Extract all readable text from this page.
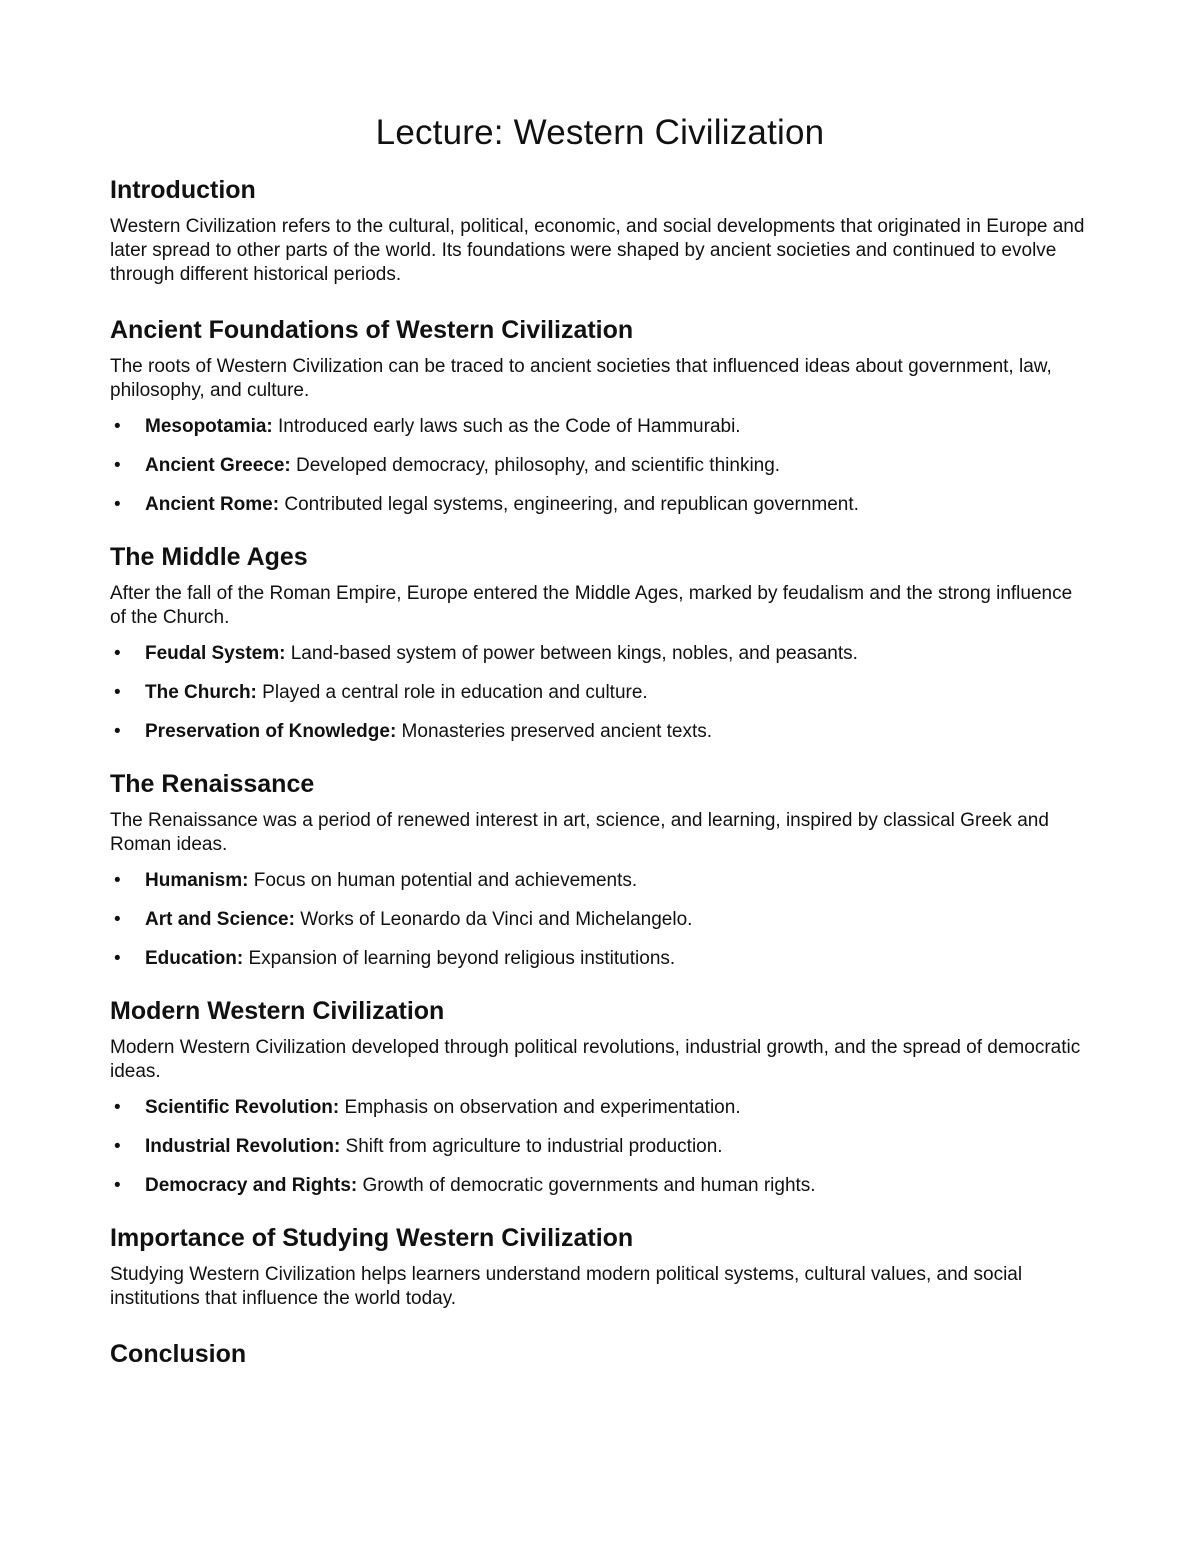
Lecture: Western Civilization
Introduction

Western Civilization refers to the cultural, political, economic, and social developments that originated in Europe and later spread to other parts of the world. Its foundations were shaped by ancient societies and continued to evolve through different historical periods.

Ancient Foundations of Western Civilization

The roots of Western Civilization can be traced to ancient societies that influenced ideas about government, law, philosophy, and culture.

• Mesopotamia: Introduced early laws such as the Code of Hammurabi.
• Ancient Greece: Developed democracy, philosophy, and scientific thinking.
• Ancient Rome: Contributed legal systems, engineering, and republican government.
The Middle Ages

After the fall of the Roman Empire, Europe entered the Middle Ages, marked by feudalism and the strong influence of the Church.

• Feudal System: Land-based system of power between kings, nobles, and peasants.
• The Church: Played a central role in education and culture.
• Preservation of Knowledge: Monasteries preserved ancient texts.
The Renaissance

The Renaissance was a period of renewed interest in art, science, and learning, inspired by classical Greek and Roman ideas.

• Humanism: Focus on human potential and achievements.
• Art and Science: Works of Leonardo da Vinci and Michelangelo.
• Education: Expansion of learning beyond religious institutions.
Modern Western Civilization

Modern Western Civilization developed through political revolutions, industrial growth, and the spread of democratic ideas.

• Scientific Revolution: Emphasis on observation and experimentation.
• Industrial Revolution: Shift from agriculture to industrial production.
• Democracy and Rights: Growth of democratic governments and human rights.
Importance of Studying Western Civilization

Studying Western Civilization helps learners understand modern political systems, cultural values, and social institutions that influence the world today.

Conclusion
